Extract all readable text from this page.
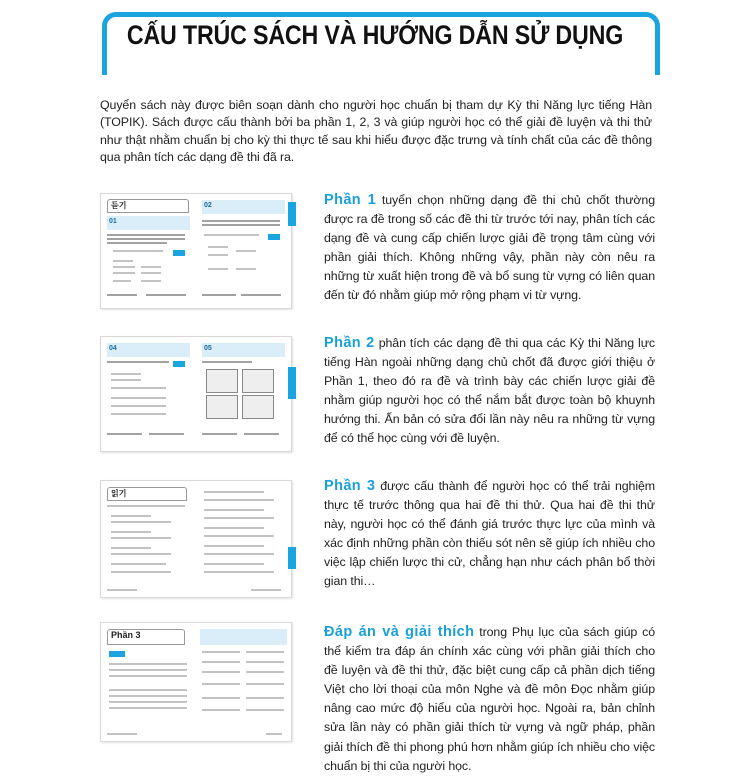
CẤU TRÚC SÁCH VÀ HƯỚNG DẪN SỬ DỤNG
Quyển sách này được biên soạn dành cho người học chuẩn bị tham dự Kỳ thi Năng lực tiếng Hàn (TOPIK). Sách được cấu thành bởi ba phần 1, 2, 3 và giúp người học có thể giải đề luyện và thi thử như thật nhằm chuẩn bị cho kỳ thi thực tế sau khi hiểu được đặc trưng và tính chất của các đề thông qua phân tích các dạng đề thi đã ra.
듣기
01
02	Phần 1 tuyển chọn những dạng đề thi chủ chốt thường được ra đề trong số các đề thi từ trước tới nay, phân tích các dạng đề và cung cấp chiến lược giải đề trọng tâm cùng với phần giải thích. Không những vậy, phần này còn nêu ra những từ xuất hiện trong đề và bổ sung từ vựng có liên quan đến từ đó nhằm giúp mở rộng phạm vi từ vựng.
04	05	Phần 2 phân tích các dạng đề thi qua các Kỳ thi Năng lực tiếng Hàn ngoài những dạng chủ chốt đã được giới thiệu ở Phần 1, theo đó ra đề và trình bày các chiến lược giải đề nhằm giúp người học có thể nắm bắt được toàn bộ khuynh hướng thi. Ấn bản có sửa đổi lần này nêu ra những từ vựng để có thể học cùng với đề luyện.
읽기	Phần 3 được cấu thành để người học có thể trải nghiệm thực tế trước thông qua hai đề thi thử. Qua hai đề thi thử này, người học có thể đánh giá trước thực lực của mình và xác định những phần còn thiếu sót nên sẽ giúp ích nhiều cho việc lập chiến lược thi cử, chẳng hạn như cách phân bổ thời gian thi…
Phần 3	Đáp án và giải thích trong Phụ lục của sách giúp có thể kiểm tra đáp án chính xác cùng với phần giải thích cho đề luyện và đề thi thử, đặc biệt cung cấp cả phần dịch tiếng Việt cho lời thoại của môn Nghe và đề môn Đọc nhằm giúp nâng cao mức độ hiểu của người học. Ngoài ra, bản chỉnh sửa lần này có phần giải thích từ vựng và ngữ pháp, phần giải thích đề thi phong phú hơn nhằm giúp ích nhiều cho việc chuẩn bị thi của người học.
